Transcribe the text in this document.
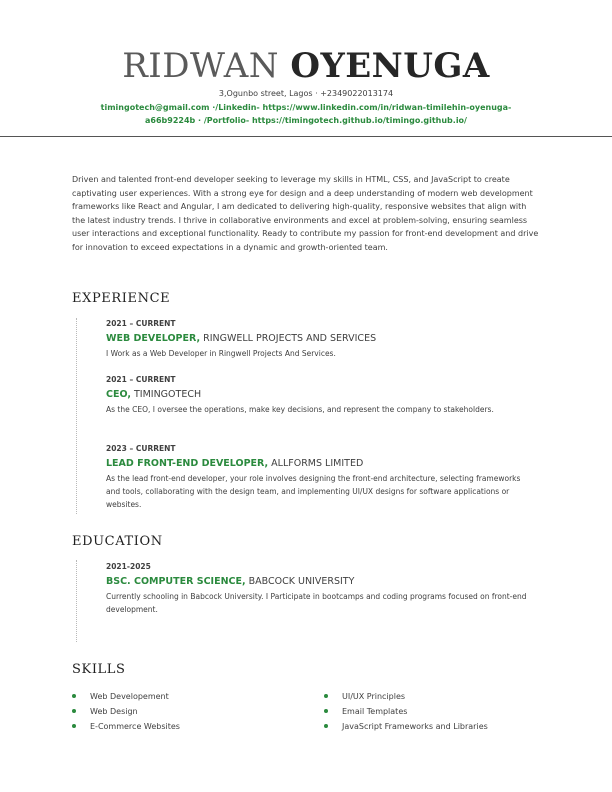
RIDWAN OYENUGA
3,Ogunbo street, Lagos · +2349022013174
timingotech@gmail.com ·/Linkedin- https://www.linkedin.com/in/ridwan-timilehin-oyenuga-a66b9224b · /Portfolio- https://timingotech.github.io/timingo.github.io/
Driven and talented front-end developer seeking to leverage my skills in HTML, CSS, and JavaScript to create captivating user experiences. With a strong eye for design and a deep understanding of modern web development frameworks like React and Angular, I am dedicated to delivering high-quality, responsive websites that align with the latest industry trends. I thrive in collaborative environments and excel at problem-solving, ensuring seamless user interactions and exceptional functionality. Ready to contribute my passion for front-end development and drive for innovation to exceed expectations in a dynamic and growth-oriented team.
EXPERIENCE
2021 – CURRENT
WEB DEVELOPER, RINGWELL PROJECTS AND SERVICES
I Work as a Web Developer in Ringwell Projects And Services.
2021 – CURRENT
CEO, TIMINGOTECH
As the CEO, I oversee the operations, make key decisions, and represent the company to stakeholders.
2023 – CURRENT
LEAD FRONT-END DEVELOPER, ALLFORMS LIMITED
As the lead front-end developer, your role involves designing the front-end architecture, selecting frameworks and tools, collaborating with the design team, and implementing UI/UX designs for software applications or websites.
EDUCATION
2021-2025
BSC. COMPUTER SCIENCE, BABCOCK UNIVERSITY
Currently schooling in Babcock University. I Participate in bootcamps and coding programs focused on front-end development.
SKILLS
Web Developement
Web Design
E-Commerce Websites
UI/UX Principles
Email Templates
JavaScript Frameworks and Libraries
